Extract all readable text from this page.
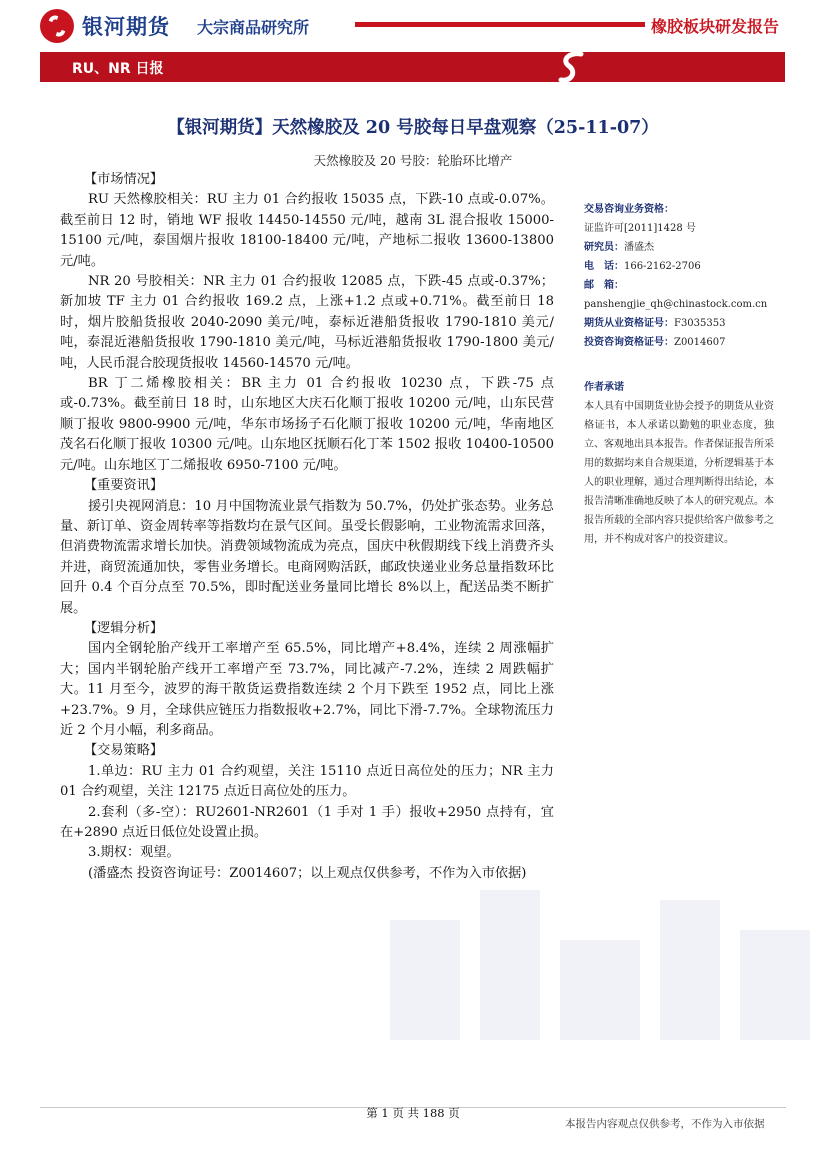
银河期货 大宗商品研究所	橡胶板块研发报告
RU、NR 日报
【银河期货】天然橡胶及 20 号胶每日早盘观察（25-11-07）
天然橡胶及 20 号胶：轮胎环比增产

【市场情况】

RU 天然橡胶相关：RU 主力 01 合约报收 15035 点，下跌-10 点或-0.07%。截至前日 12 时，销地 WF 报收 14450-14550 元/吨，越南 3L 混合报收 15000-15100 元/吨，泰国烟片报收 18100-18400 元/吨，产地标二报收 13600-13800 元/吨。

NR 20 号胶相关：NR 主力 01 合约报收 12085 点，下跌-45 点或-0.37%；新加坡 TF 主力 01 合约报收 169.2 点，上涨+1.2 点或+0.71%。截至前日 18 时，烟片胶船货报收 2040-2090 美元/吨，泰标近港船货报收 1790-1810 美元/吨，泰混近港船货报收 1790-1810 美元/吨，马标近港船货报收 1790-1800 美元/吨，人民币混合胶现货报收 14560-14570 元/吨。

BR 丁二烯橡胶相关：BR 主力 01 合约报收 10230 点，下跌-75 点或-0.73%。截至前日 18 时，山东地区大庆石化顺丁报收 10200 元/吨，山东民营顺丁报收 9800-9900 元/吨，华东市场扬子石化顺丁报收 10200 元/吨，华南地区茂名石化顺丁报收 10300 元/吨。山东地区抚顺石化丁苯 1502 报收 10400-10500 元/吨。山东地区丁二烯报收 6950-7100 元/吨。

【重要资讯】

援引央视网消息：10 月中国物流业景气指数为 50.7%，仍处扩张态势。业务总量、新订单、资金周转率等指数均在景气区间。虽受长假影响，工业物流需求回落，但消费物流需求增长加快。消费领域物流成为亮点，国庆中秋假期线下线上消费齐头并进，商贸流通加快，零售业务增长。电商网购活跃，邮政快递业业务总量指数环比回升 0.4 个百分点至 70.5%，即时配送业务量同比增长 8%以上，配送品类不断扩展。

【逻辑分析】

国内全钢轮胎产线开工率增产至 65.5%，同比增产+8.4%，连续 2 周涨幅扩大；国内半钢轮胎产线开工率增产至 73.7%，同比减产-7.2%，连续 2 周跌幅扩大。11 月至今，波罗的海干散货运费指数连续 2 个月下跌至 1952 点，同比上涨+23.7%。9 月，全球供应链压力指数报收+2.7%，同比下滑-7.7%。全球物流压力近 2 个月小幅，利多商品。

【交易策略】

1.单边：RU 主力 01 合约观望，关注 15110 点近日高位处的压力；NR 主力 01 合约观望，关注 12175 点近日高位处的压力。

2.套利（多-空）：RU2601-NR2601（1 手对 1 手）报收+2950 点持有，宜在+2890 点近日低位处设置止损。

3.期权：观望。

(潘盛杰 投资咨询证号：Z0014607；以上观点仅供参考，不作为入市依据)

交易咨询业务资格：
证监许可[2011]1428 号
研究员：潘盛杰
电　话：166-2162-2706
邮　箱：
panshengjie_qh@chinastock.com.cn
期货从业资格证号：F3035353
投资咨询资格证号：Z0014607
作者承诺
本人具有中国期货业协会授予的期货从业资格证书，本人承诺以勤勉的职业态度，独立、客观地出具本报告。作者保证报告所采用的数据均来自合规渠道，分析逻辑基于本人的职业理解，通过合理判断得出结论，本报告清晰准确地反映了本人的研究观点。本报告所载的全部内容只提供给客户做参考之用，并不构成对客户的投资建议。
第 1 页 共 188 页
本报告内容观点仅供参考，不作为入市依据
